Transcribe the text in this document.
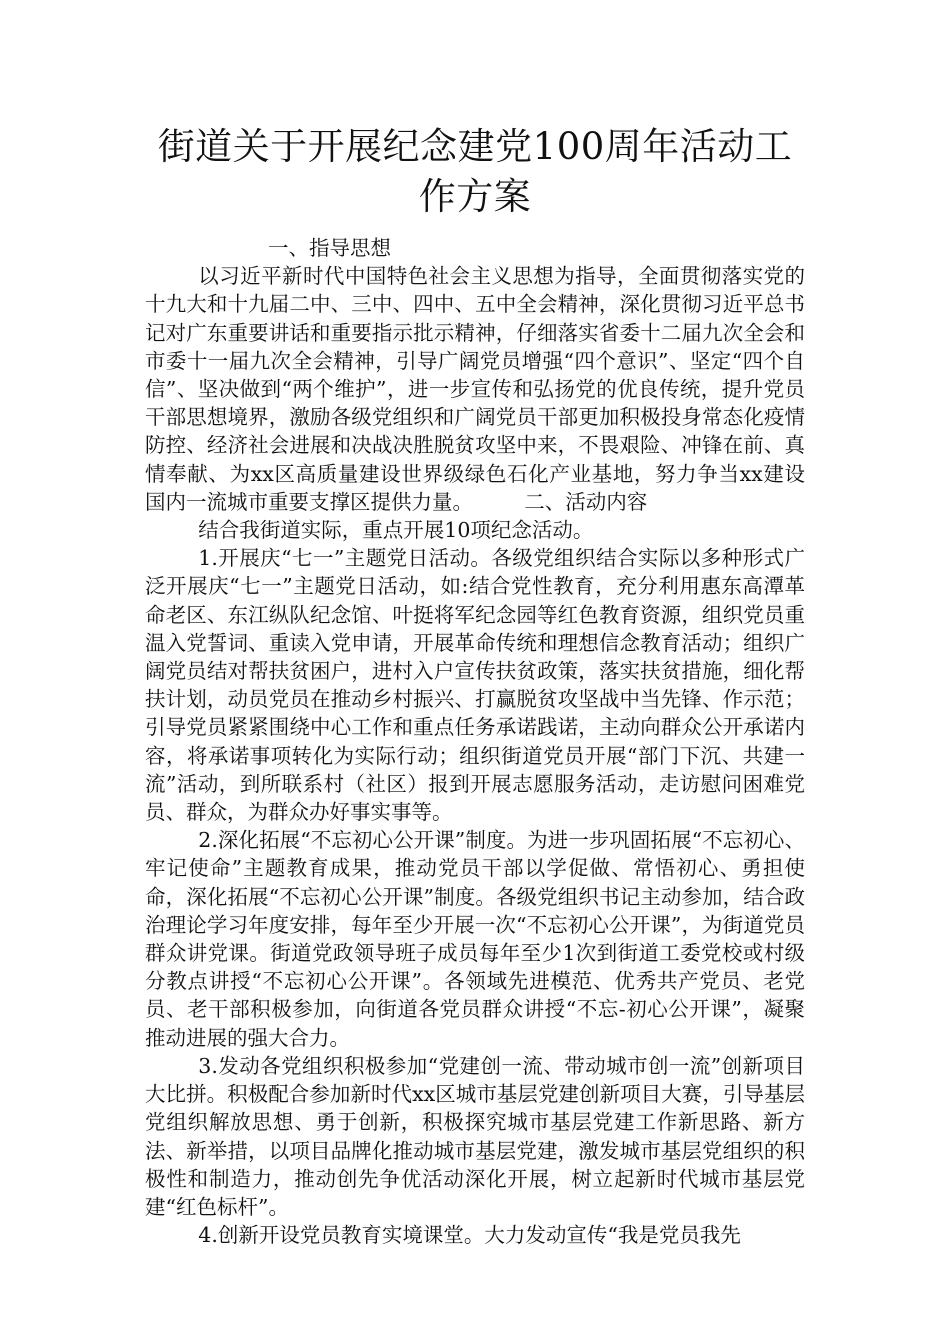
街道关于开展纪念建党100周年活动工作方案

一、指导思想

以习近平新时代中国特色社会主义思想为指导，全面贯彻落实党的十九大和十九届二中、三中、四中、五中全会精神，深化贯彻习近平总书记对广东重要讲话和重要指示批示精神，仔细落实省委十二届九次全会和市委十一届九次全会精神，引导广阔党员增强“四个意识”、坚定“四个自信”、坚决做到“两个维护”，进一步宣传和弘扬党的优良传统，提升党员干部思想境界，激励各级党组织和广阔党员干部更加积极投身常态化疫情防控、经济社会进展和决战决胜脱贫攻坚中来，不畏艰险、冲锋在前、真情奉献、为xx区高质量建设世界级绿色石化产业基地，努力争当xx建设国内一流城市重要支撑区提供力量。　　　二、活动内容

结合我街道实际，重点开展10项纪念活动。

1.开展庆“七一”主题党日活动。各级党组织结合实际以多种形式广泛开展庆“七一”主题党日活动，如:结合党性教育，充分利用惠东高潭革命老区、东江纵队纪念馆、叶挺将军纪念园等红色教育资源，组织党员重温入党誓词、重读入党申请，开展革命传统和理想信念教育活动；组织广阔党员结对帮扶贫困户，进村入户宣传扶贫政策，落实扶贫措施，细化帮扶计划，动员党员在推动乡村振兴、打赢脱贫攻坚战中当先锋、作示范；引导党员紧紧围绕中心工作和重点任务承诺践诺，主动向群众公开承诺内容，将承诺事项转化为实际行动；组织街道党员开展“部门下沉、共建一流”活动，到所联系村（社区）报到开展志愿服务活动，走访慰问困难党员、群众，为群众办好事实事等。

2.深化拓展“不忘初心公开课”制度。为进一步巩固拓展“不忘初心、牢记使命”主题教育成果，推动党员干部以学促做、常悟初心、勇担使命，深化拓展“不忘初心公开课”制度。各级党组织书记主动参加，结合政治理论学习年度安排，每年至少开展一次“不忘初心公开课”，为街道党员群众讲党课。街道党政领导班子成员每年至少1次到街道工委党校或村级分教点讲授“不忘初心公开课”。各领域先进模范、优秀共产党员、老党员、老干部积极参加，向街道各党员群众讲授“不忘-初心公开课”，凝聚推动进展的强大合力。

3.发动各党组织积极参加“党建创一流、带动城市创一流”创新项目大比拼。积极配合参加新时代xx区城市基层党建创新项目大赛，引导基层党组织解放思想、勇于创新，积极探究城市基层党建工作新思路、新方法、新举措，以项目品牌化推动城市基层党建，激发城市基层党组织的积极性和制造力，推动创先争优活动深化开展，树立起新时代城市基层党建“红色标杆”。

4.创新开设党员教育实境课堂。大力发动宣传“我是党员我先
